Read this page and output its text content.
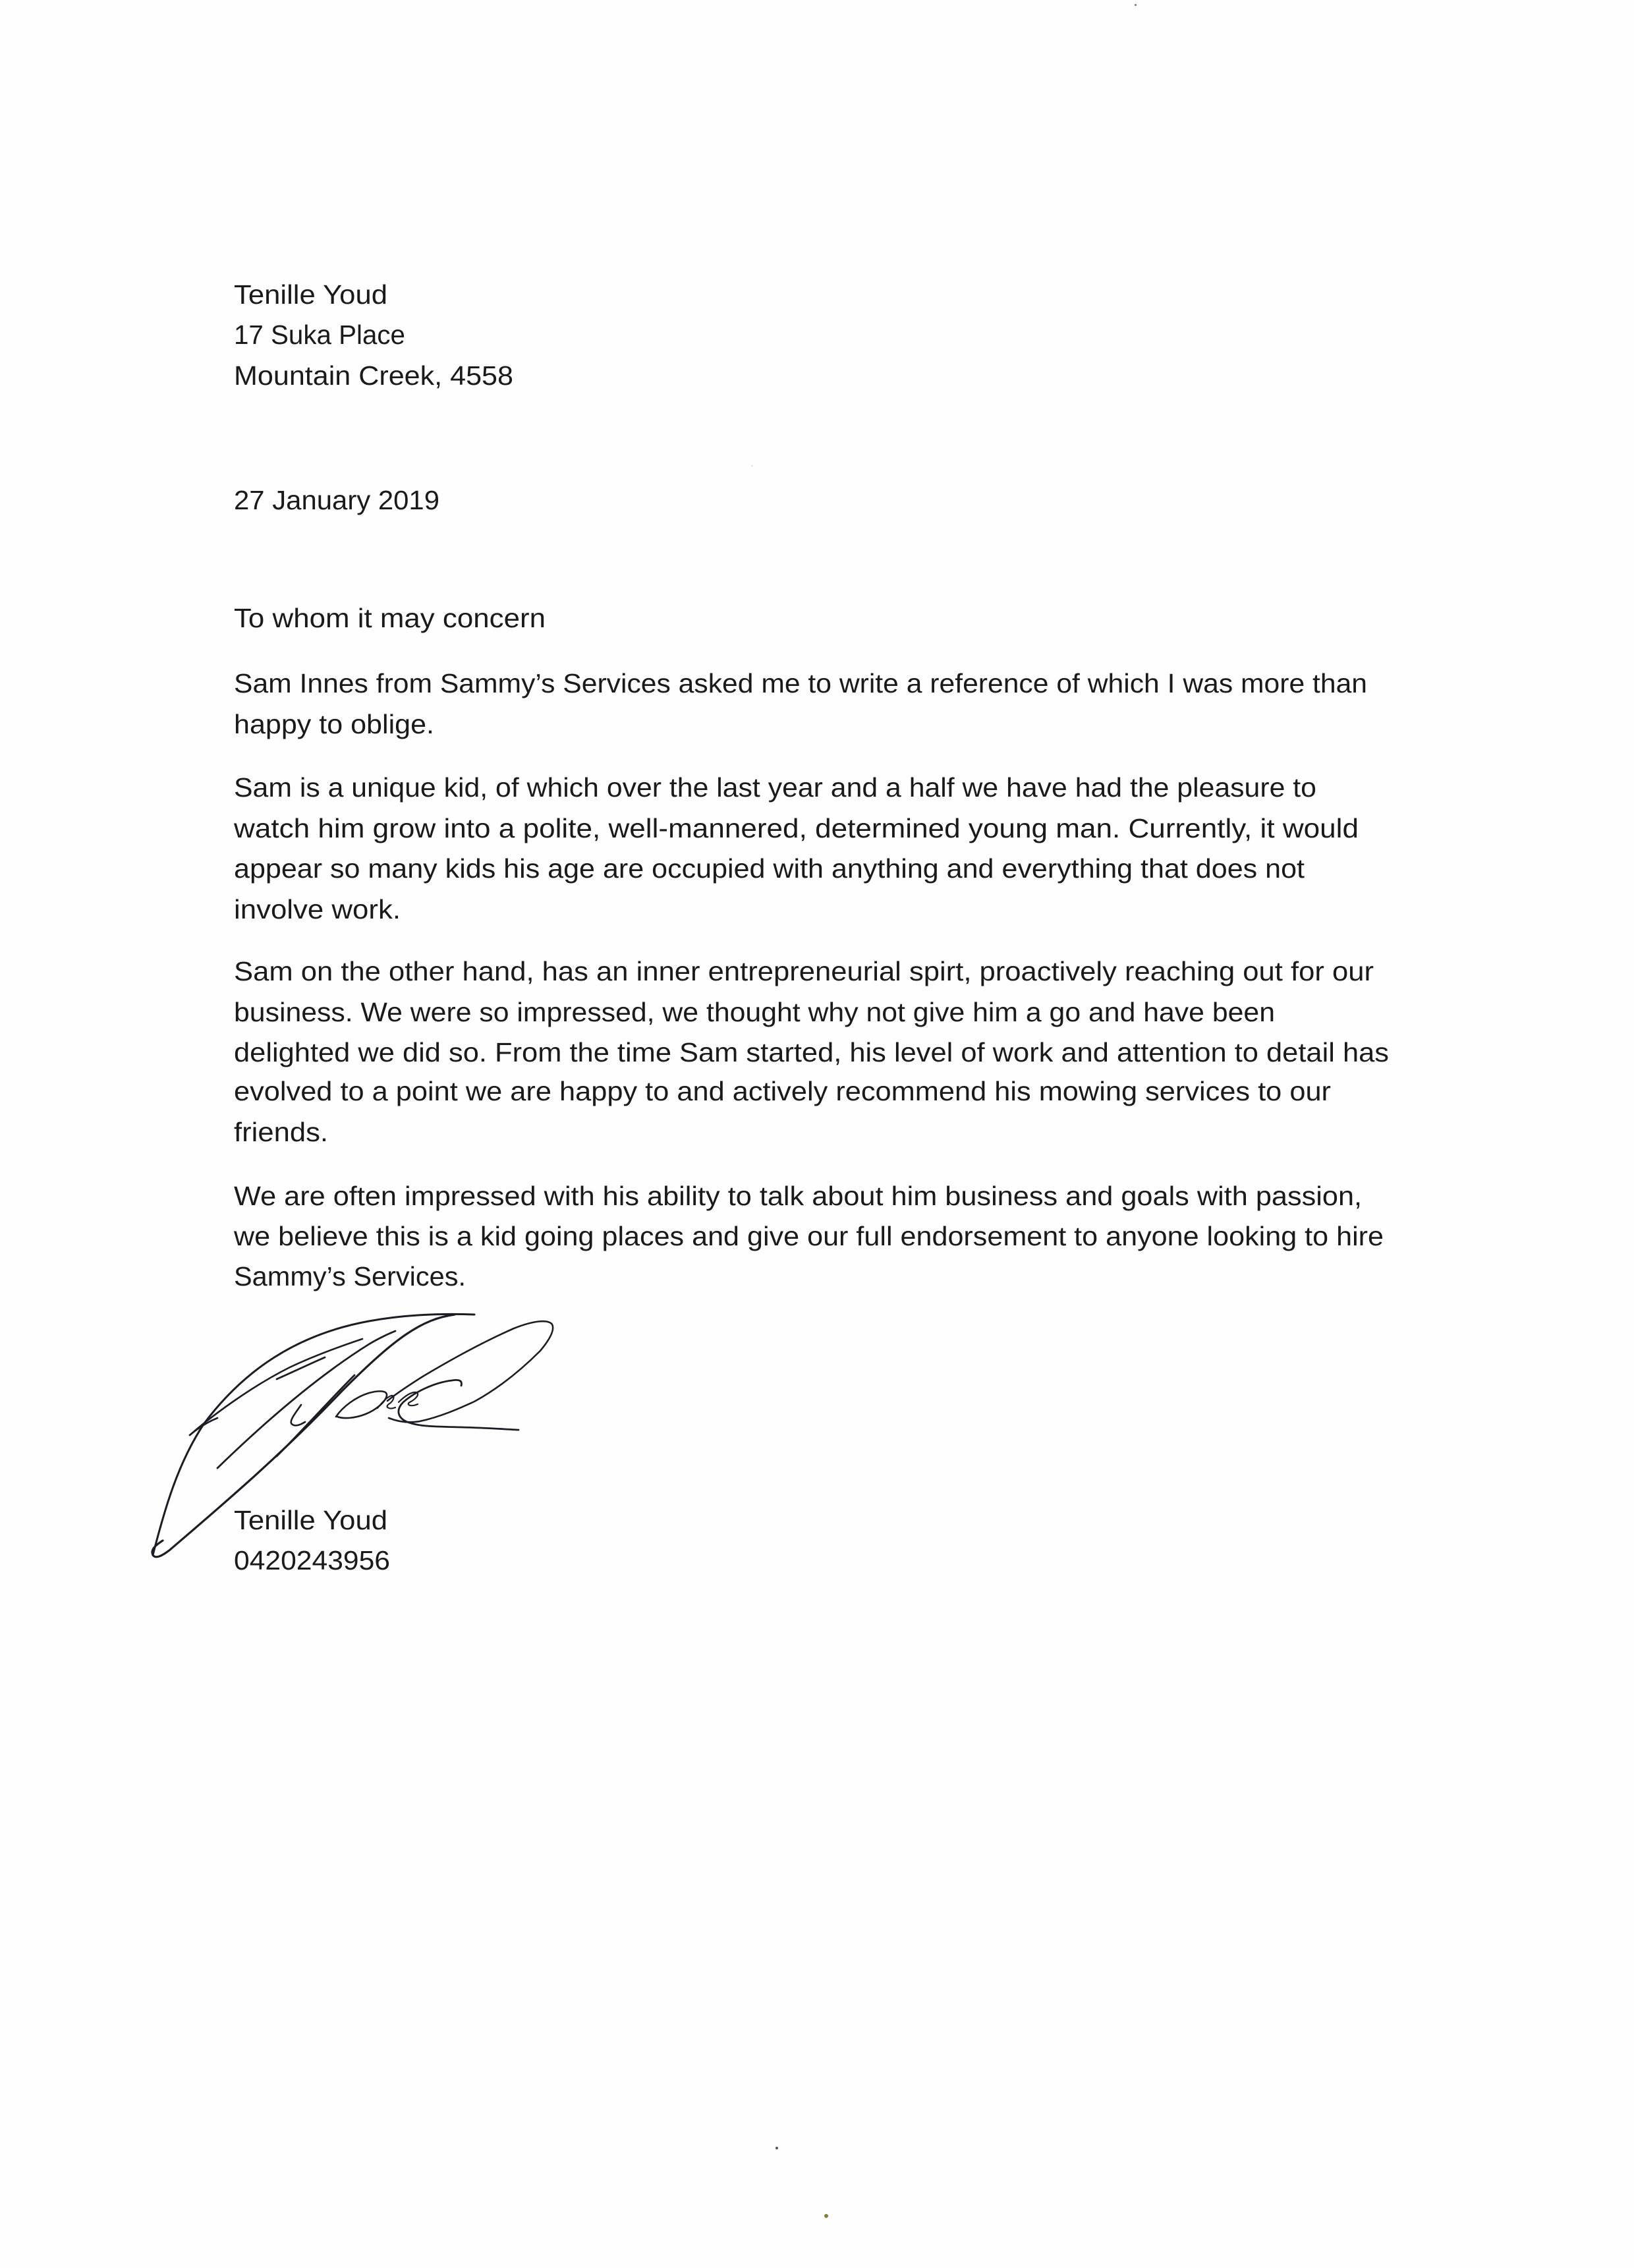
Tenille Youd
17 Suka Place
Mountain Creek, 4558
27 January 2019
To whom it may concern
Sam Innes from Sammy’s Services asked me to write a reference of which I was more than
happy to oblige.
Sam is a unique kid, of which over the last year and a half we have had the pleasure to
watch him grow into a polite, well-mannered, determined young man. Currently, it would
appear so many kids his age are occupied with anything and everything that does not
involve work.
Sam on the other hand, has an inner entrepreneurial spirt, proactively reaching out for our
business. We were so impressed, we thought why not give him a go and have been
delighted we did so. From the time Sam started, his level of work and attention to detail has
evolved to a point we are happy to and actively recommend his mowing services to our
friends.
We are often impressed with his ability to talk about him business and goals with passion,
we believe this is a kid going places and give our full endorsement to anyone looking to hire
Sammy’s Services.
Tenille Youd
0420243956
